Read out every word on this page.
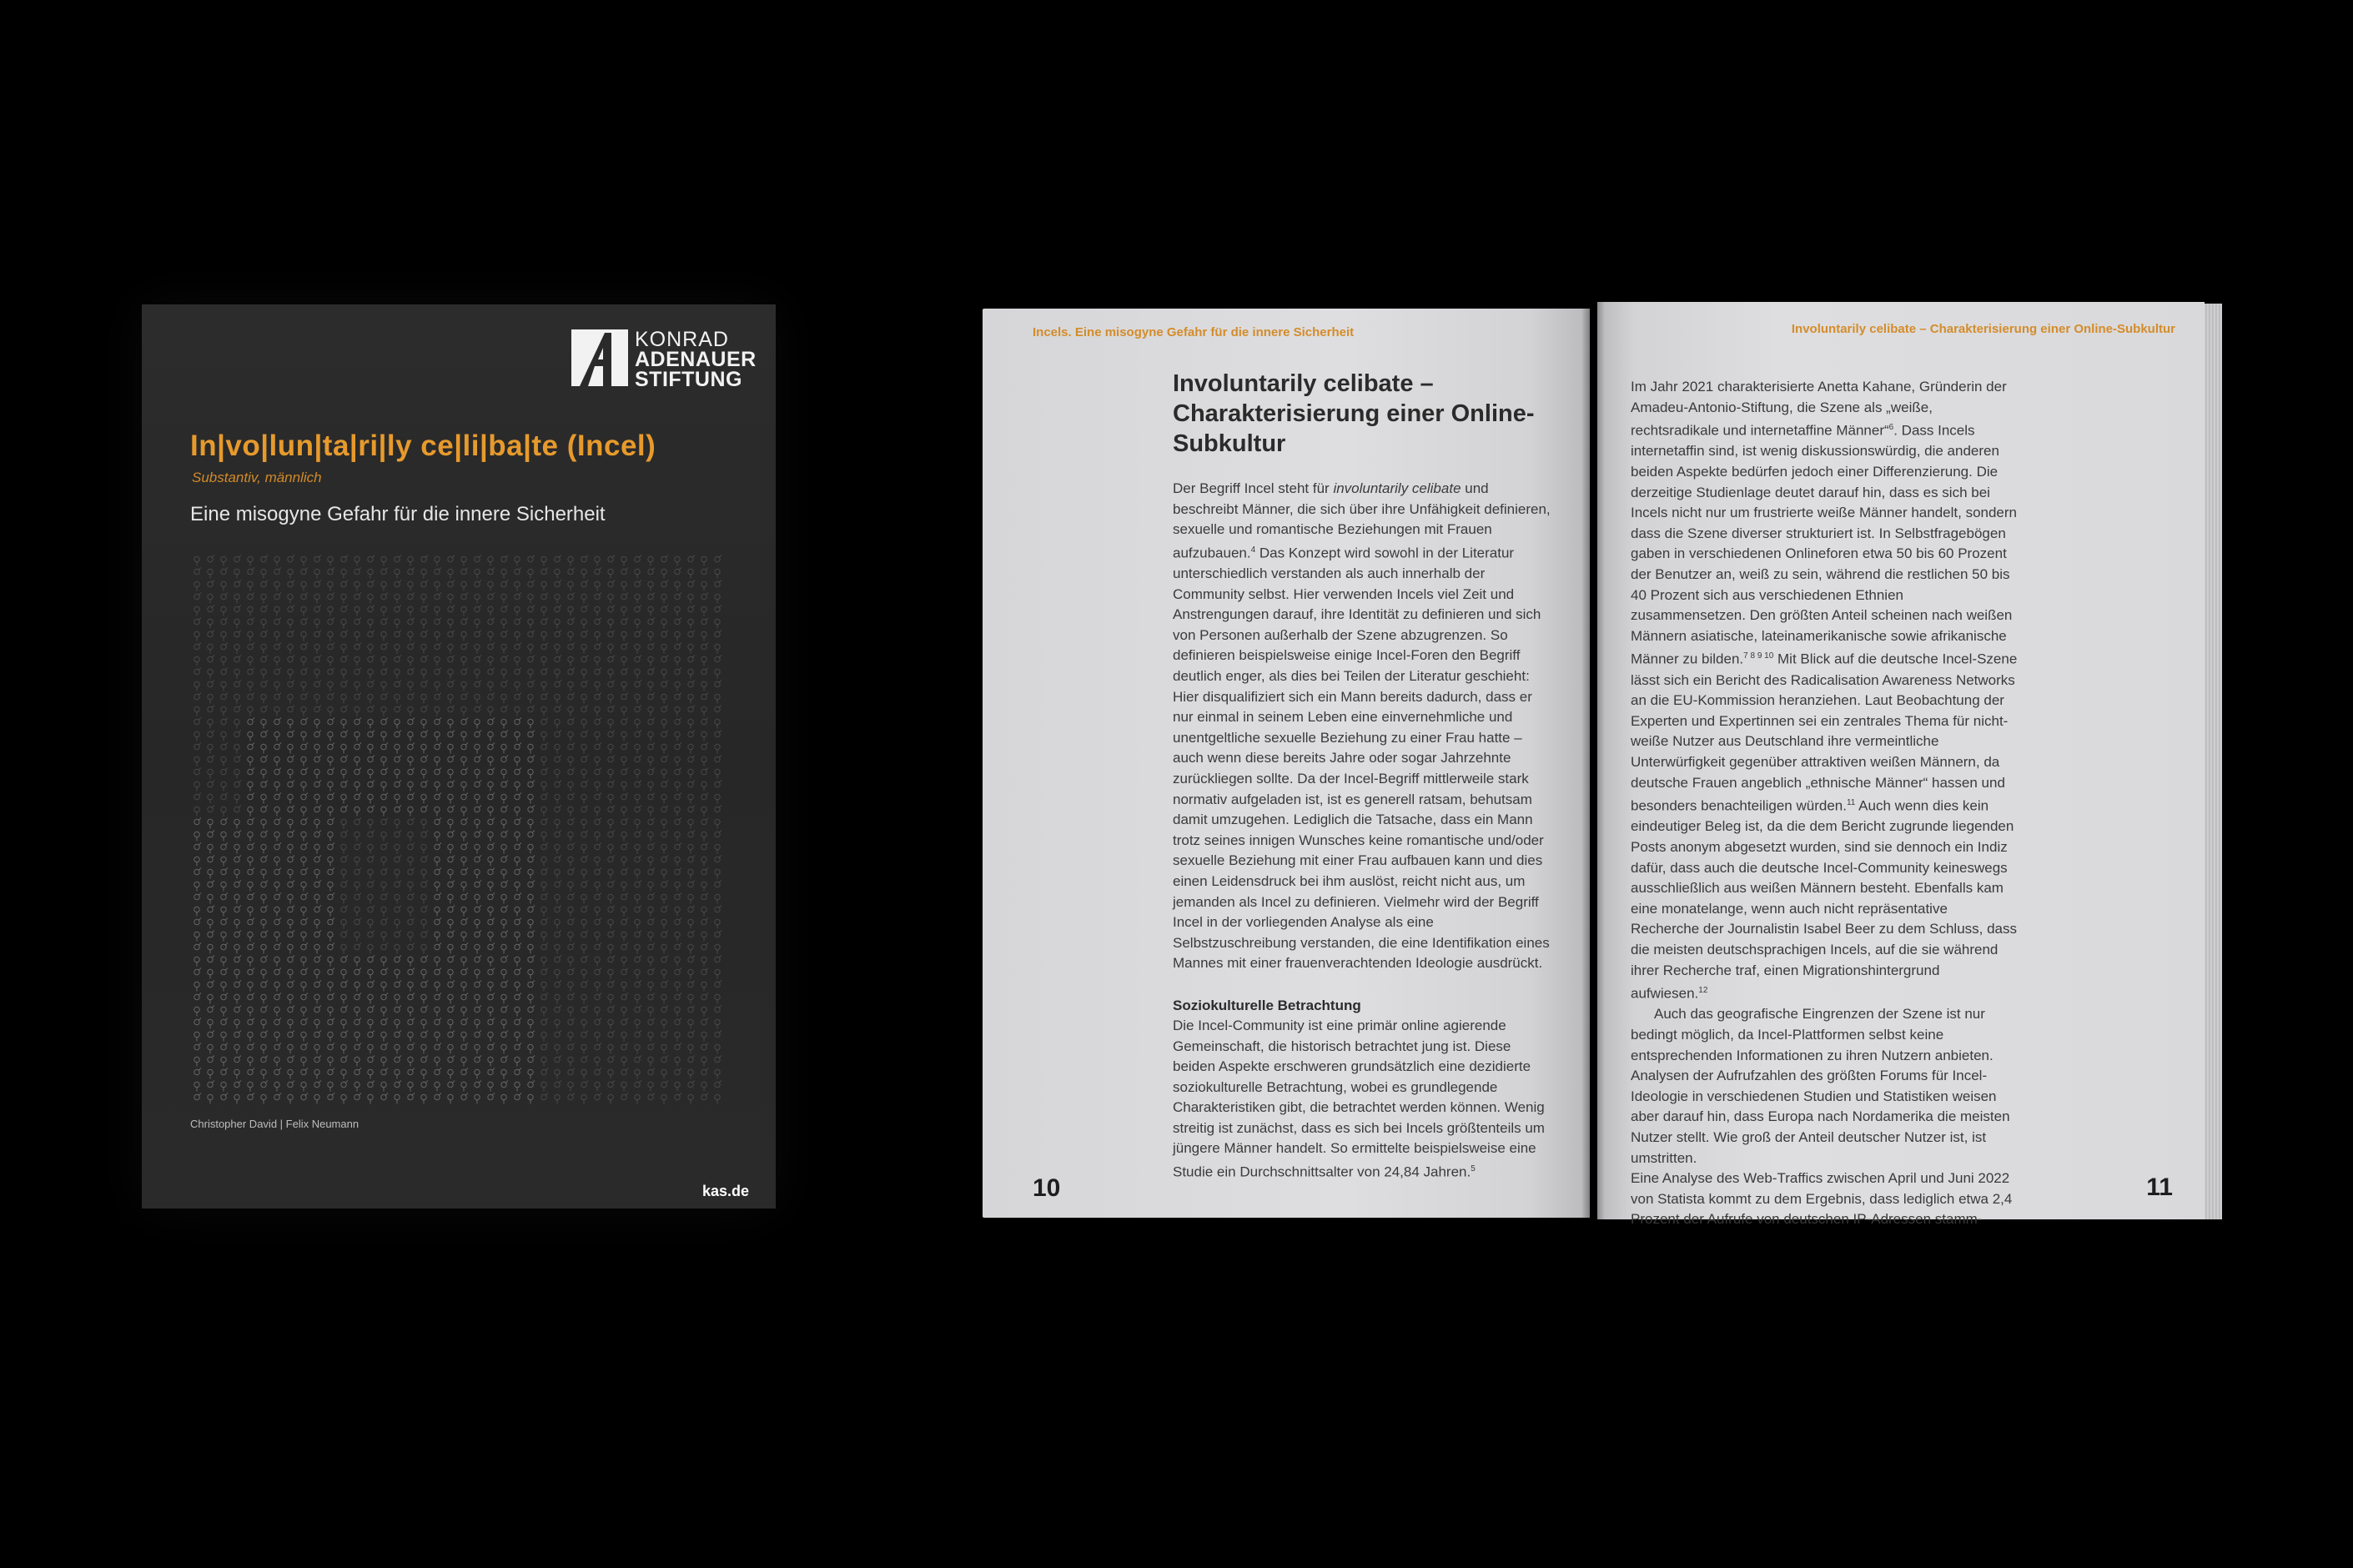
KONRAD
ADENAUER
STIFTUNG
In|vo|lun|ta|ri|ly ce|li|ba|te (Incel)
Substantiv, männlich
Eine misogyne Gefahr für die innere Sicherheit
Christopher David | Felix Neumann
kas.de
Incels. Eine misogyne Gefahr für die innere Sicherheit
Involuntarily celibate – Charakterisierung einer Online-Subkultur

Der Begriff Incel steht für involuntarily celibate und beschreibt Männer, die sich über ihre Unfähigkeit definieren, sexuelle und romantische Beziehungen mit Frauen aufzubauen.$^4$ Das Konzept wird sowohl in der Literatur unterschiedlich verstanden als auch innerhalb der Community selbst. Hier verwenden Incels viel Zeit und Anstrengungen darauf, ihre Identität zu definieren und sich von Personen außerhalb der Szene abzugrenzen. So definieren beispielsweise einige Incel-Foren den Begriff deutlich enger, als dies bei Teilen der Literatur geschieht: Hier disqualifiziert sich ein Mann bereits dadurch, dass er nur einmal in seinem Leben eine einvernehmliche und unentgeltliche sexuelle Beziehung zu einer Frau hatte – auch wenn diese bereits Jahre oder sogar Jahrzehnte zurückliegen sollte. Da der Incel-Begriff mittlerweile stark normativ aufgeladen ist, ist es generell ratsam, behutsam damit umzugehen. Lediglich die Tatsache, dass ein Mann trotz seines innigen Wunsches keine romantische und/oder sexuelle Beziehung mit einer Frau aufbauen kann und dies einen Leidensdruck bei ihm auslöst, reicht nicht aus, um jemanden als Incel zu definieren. Vielmehr wird der Begriff Incel in der vorliegenden Analyse als eine Selbstzuschreibung verstanden, die eine Identifikation eines Mannes mit einer frauenverachtenden Ideologie ausdrückt.

Soziokulturelle Betrachtung

Die Incel-Community ist eine primär online agierende Gemeinschaft, die historisch betrachtet jung ist. Diese beiden Aspekte erschweren grundsätzlich eine dezidierte soziokulturelle Betrachtung, wobei es grundlegende Charakteristiken gibt, die betrachtet werden können. Wenig streitig ist zunächst, dass es sich bei Incels größtenteils um jüngere Männer handelt. So ermittelte beispielsweise eine Studie ein Durchschnittsalter von 24,84 Jahren.$^5$

10
Involuntarily celibate – Charakterisierung einer Online-Subkultur

Im Jahr 2021 charakterisierte Anetta Kahane, Gründerin der Amadeu-Antonio-Stiftung, die Szene als „weiße, rechtsradikale und internetaffine Männer“$^6$. Dass Incels internetaffin sind, ist wenig diskussionswürdig, die anderen beiden Aspekte bedürfen jedoch einer Differenzierung. Die derzeitige Studienlage deutet darauf hin, dass es sich bei Incels nicht nur um frustrierte weiße Männer handelt, sondern dass die Szene diverser strukturiert ist. In Selbstfragebögen gaben in verschiedenen Onlineforen etwa 50 bis 60 Prozent der Benutzer an, weiß zu sein, während die restlichen 50 bis 40 Prozent sich aus verschiedenen Ethnien zusammensetzen. Den größten Anteil scheinen nach weißen Männern asiatische, lateinamerikanische sowie afrikanische Männer zu bilden.$^{7 8 9 10}$ Mit Blick auf die deutsche Incel-Szene lässt sich ein Bericht des Radicalisation Awareness Networks an die EU-Kommission heranziehen. Laut Beobachtung der Experten und Expertinnen sei ein zentrales Thema für nicht-weiße Nutzer aus Deutschland ihre vermeintliche Unterwürfigkeit gegenüber attraktiven weißen Männern, da deutsche Frauen angeblich „ethnische Männer“ hassen und besonders benachteiligen würden.$^{11}$ Auch wenn dies kein eindeutiger Beleg ist, da die dem Bericht zugrunde liegenden Posts anonym abgesetzt wurden, sind sie dennoch ein Indiz dafür, dass auch die deutsche Incel-Community keineswegs ausschließlich aus weißen Männern besteht. Ebenfalls kam eine monatelange, wenn auch nicht repräsentative Recherche der Journalistin Isabel Beer zu dem Schluss, dass die meisten deutschsprachigen Incels, auf die sie während ihrer Recherche traf, einen Migrationshintergrund aufwiesen.$^{12}$

Auch das geografische Eingrenzen der Szene ist nur bedingt möglich, da Incel-Plattformen selbst keine entsprechenden Informationen zu ihren Nutzern anbieten. Analysen der Aufrufzahlen des größten Forums für Incel-Ideologie in verschiedenen Studien und Statistiken weisen aber darauf hin, dass Europa nach Nordamerika die meisten Nutzer stellt. Wie groß der Anteil deutscher Nutzer ist, ist umstritten.

Eine Analyse des Web-Traffics zwischen April und Juni 2022 von Statista kommt zu dem Ergebnis, dass lediglich etwa 2,4 Prozent der Aufrufe von deutschen IP-Adressen stamm-

11
